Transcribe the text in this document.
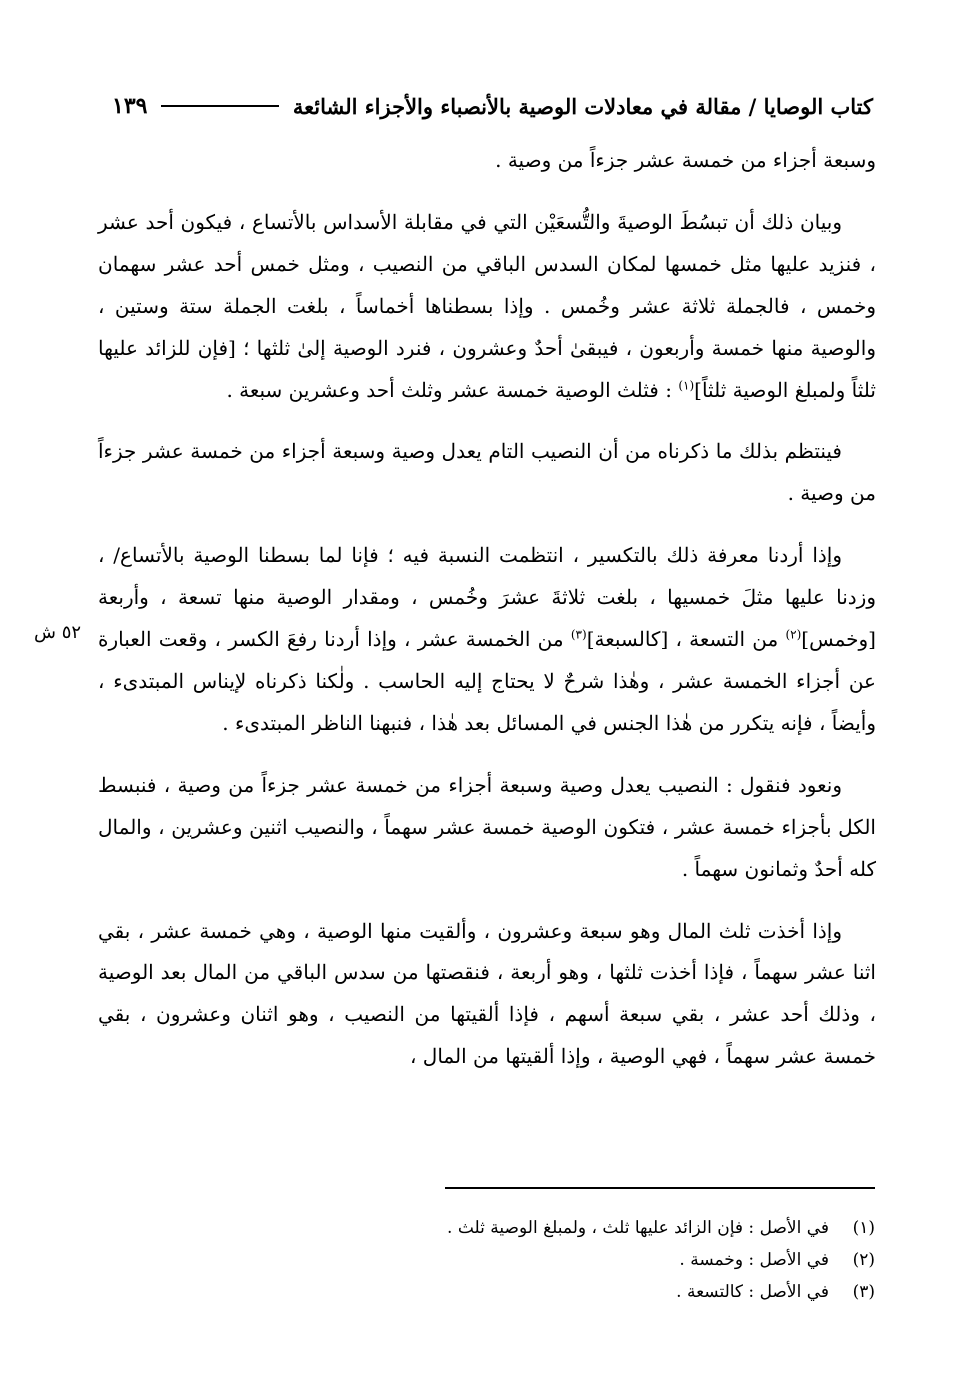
كتاب الوصايا / مقالة في معادلات الوصية بالأنصباء والأجزاء الشائعة
١٣٩
٥٢ ش

وسبعة أجزاء من خمسة عشر جزءاً من وصية .

وبيان ذلك أن تبسُطَ الوصيةَ والتُّسعَيْن التي في مقابلة الأسداس بالأتساع ، فيكون أحد عشر ، فنزيد عليها مثل خمسها لمكان السدس الباقي من النصيب ، ومثل خمس أحد عشر سهمان وخمس ، فالجملة ثلاثة عشر وخُمس . وإذا بسطناها أخماساً ، بلغت الجملة ستة وستين ، والوصية منها خمسة وأربعون ، فيبقىٰ أحدٌ وعشرون ، فنرد الوصية إلىٰ ثلثها ؛ [فإن للزائد عليها ثلثاً ولمبلغ الوصية ثلثاً]$^{(١)}$ : فثلث الوصية خمسة عشر وثلث أحد وعشرين سبعة .

فينتظم بذلك ما ذكرناه من أن النصيب التام يعدل وصية وسبعة أجزاء من خمسة عشر جزءاً من وصية .

وإذا أردنا معرفة ذلك بالتكسير ، انتظمت النسبة فيه ؛ فإنا لما بسطنا الوصية بالأتساع/ ، وزدنا عليها مثلَ خمسيها ، بلغت ثلاثةَ عشرَ وخُمس ، ومقدار الوصية منها تسعة ، وأربعة [وخمس]$^{(٢)}$ من التسعة ، [كالسبعة]$^{(٣)}$ من الخمسة عشر ، وإذا أردنا رفعَ الكسر ، وقعت العبارة عن أجزاء الخمسة عشر ، وهٰذا شرحٌ لا يحتاج إليه الحاسب . ولٰكنا ذكرناه لإيناس المبتدىء ، وأيضاً ، فإنه يتكرر من هٰذا الجنس في المسائل بعد هٰذا ، فنبهنا الناظر المبتدىء .

ونعود فنقول : النصيب يعدل وصية وسبعة أجزاء من خمسة عشر جزءاً من وصية ، فنبسط الكل بأجزاء خمسة عشر ، فتكون الوصية خمسة عشر سهماً ، والنصيب اثنين وعشرين ، والمال كله أحدٌ وثمانون سهماً .

وإذا أخذت ثلث المال وهو سبعة وعشرون ، وألقيت منها الوصية ، وهي خمسة عشر ، بقي اثنا عشر سهماً ، فإذا أخذت ثلثها ، وهو أربعة ، فنقصتها من سدس الباقي من المال بعد الوصية ، وذلك أحد عشر ، بقي سبعة أسهم ، فإذا ألقيتها من النصيب ، وهو اثنان وعشرون ، بقي خمسة عشر سهماً ، فهي الوصية ، وإذا ألقيتها من المال ،

(١)في الأصل : فإن الزائد عليها ثلث ، ولمبلغ الوصية ثلث .
(٢)في الأصل : وخمسة .
(٣)في الأصل : كالتسعة .
